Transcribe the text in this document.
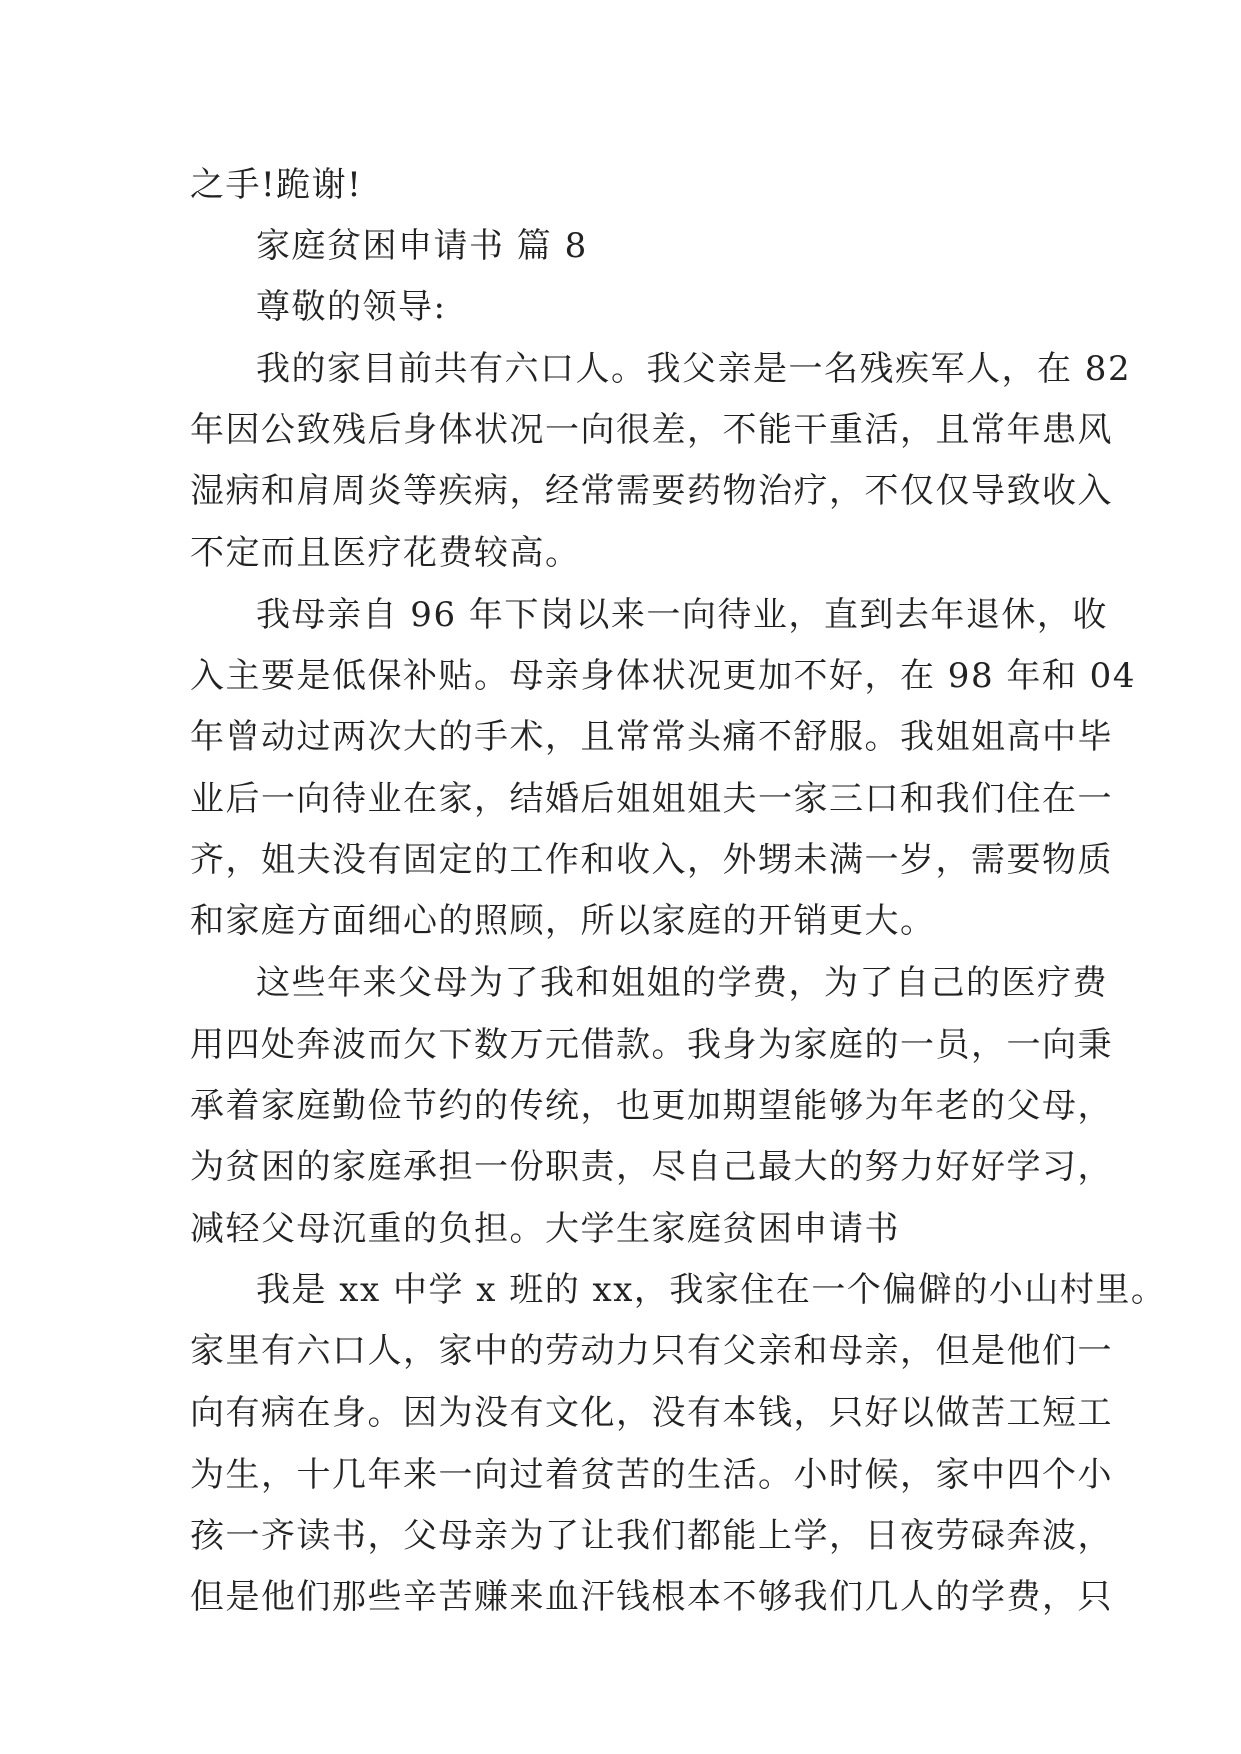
之手!跪谢!

家庭贫困申请书 篇 8

尊敬的领导:

我的家目前共有六口人。我父亲是一名残疾军人，在 82

年因公致残后身体状况一向很差，不能干重活，且常年患风

湿病和肩周炎等疾病，经常需要药物治疗，不仅仅导致收入

不定而且医疗花费较高。

我母亲自 96 年下岗以来一向待业，直到去年退休，收

入主要是低保补贴。母亲身体状况更加不好，在 98 年和 04

年曾动过两次大的手术，且常常头痛不舒服。我姐姐高中毕

业后一向待业在家，结婚后姐姐姐夫一家三口和我们住在一

齐，姐夫没有固定的工作和收入，外甥未满一岁，需要物质

和家庭方面细心的照顾，所以家庭的开销更大。

这些年来父母为了我和姐姐的学费，为了自己的医疗费

用四处奔波而欠下数万元借款。我身为家庭的一员，一向秉

承着家庭勤俭节约的传统，也更加期望能够为年老的父母，

为贫困的家庭承担一份职责，尽自己最大的努力好好学习，

减轻父母沉重的负担。大学生家庭贫困申请书

我是 xx 中学 x 班的 xx，我家住在一个偏僻的小山村里。

家里有六口人，家中的劳动力只有父亲和母亲，但是他们一

向有病在身。因为没有文化，没有本钱，只好以做苦工短工

为生，十几年来一向过着贫苦的生活。小时候，家中四个小

孩一齐读书，父母亲为了让我们都能上学，日夜劳碌奔波，

但是他们那些辛苦赚来血汗钱根本不够我们几人的学费，只
